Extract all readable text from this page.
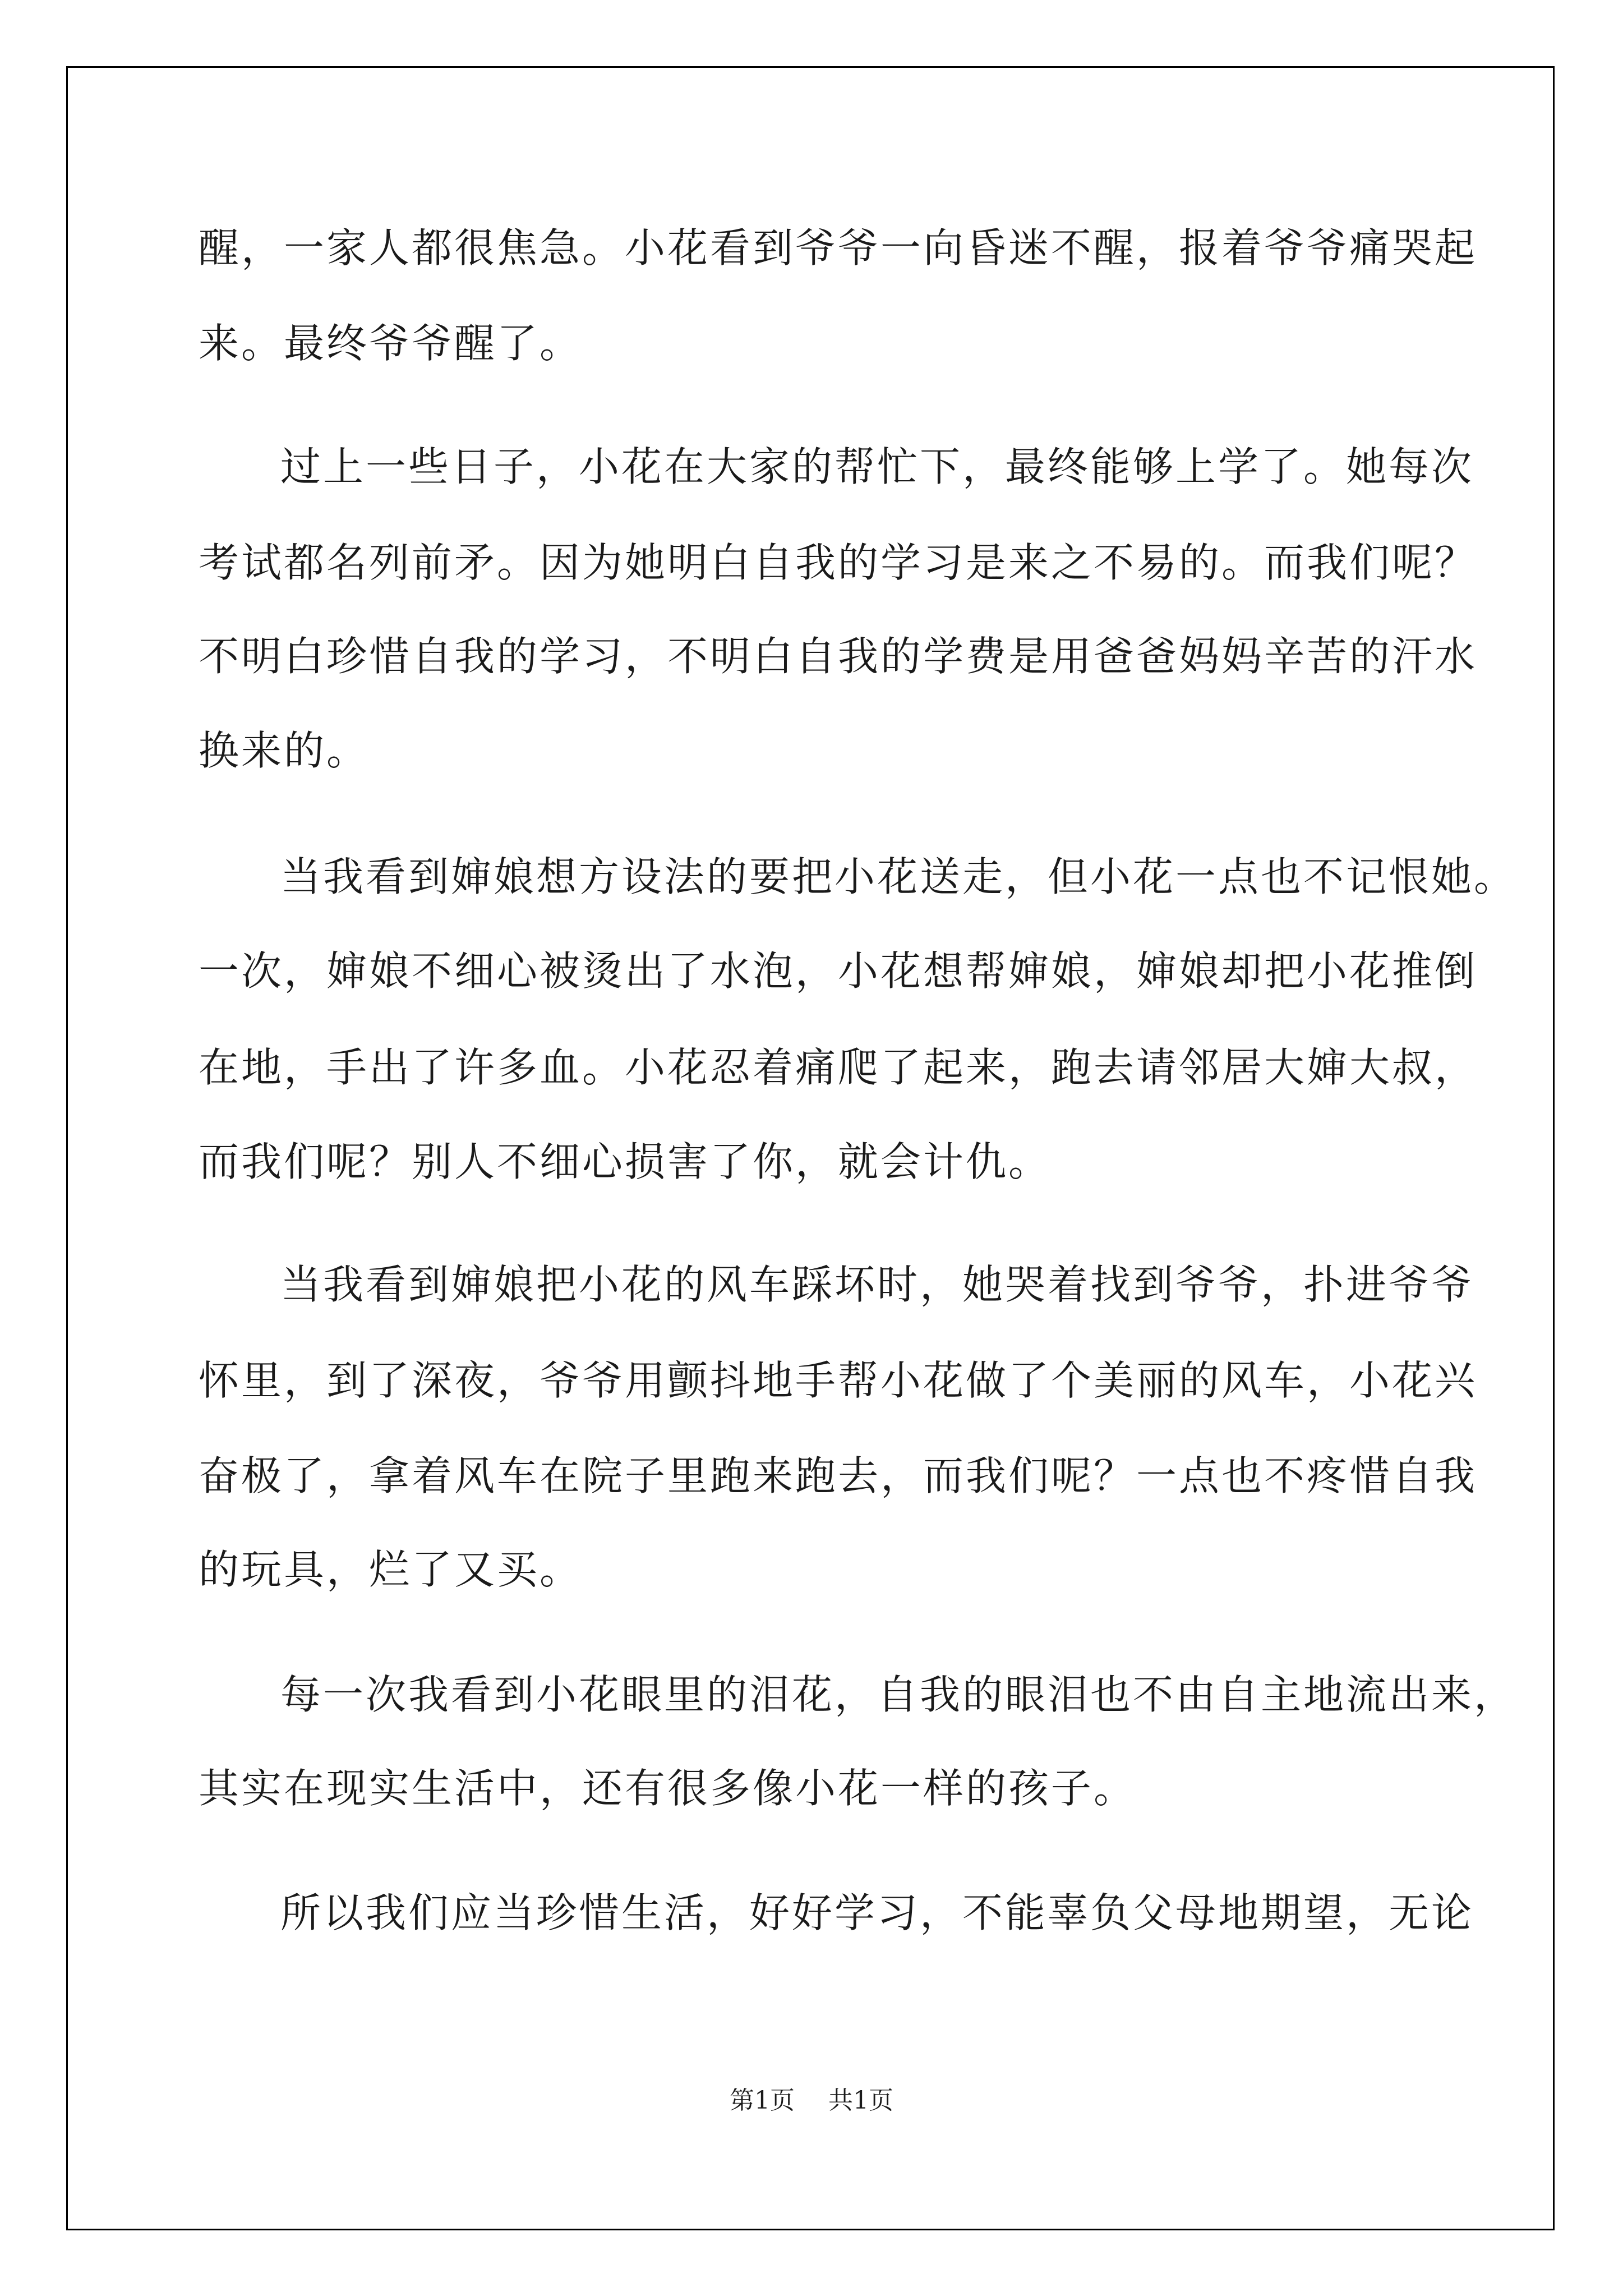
醒，一家人都很焦急。小花看到爷爷一向昏迷不醒，报着爷爷痛哭起
来。最终爷爷醒了。
过上一些日子，小花在大家的帮忙下，最终能够上学了。她每次
考试都名列前矛。因为她明白自我的学习是来之不易的。而我们呢？
不明白珍惜自我的学习，不明白自我的学费是用爸爸妈妈辛苦的汗水
换来的。
当我看到婶娘想方设法的要把小花送走，但小花一点也不记恨她。
一次，婶娘不细心被烫出了水泡，小花想帮婶娘，婶娘却把小花推倒
在地，手出了许多血。小花忍着痛爬了起来，跑去请邻居大婶大叔，
而我们呢？别人不细心损害了你，就会计仇。
当我看到婶娘把小花的风车踩坏时，她哭着找到爷爷，扑进爷爷
怀里，到了深夜，爷爷用颤抖地手帮小花做了个美丽的风车，小花兴
奋极了，拿着风车在院子里跑来跑去，而我们呢？一点也不疼惜自我
的玩具，烂了又买。
每一次我看到小花眼里的泪花，自我的眼泪也不由自主地流出来，
其实在现实生活中，还有很多像小花一样的孩子。
所以我们应当珍惜生活，好好学习，不能辜负父母地期望，无论
第1页 共1页
